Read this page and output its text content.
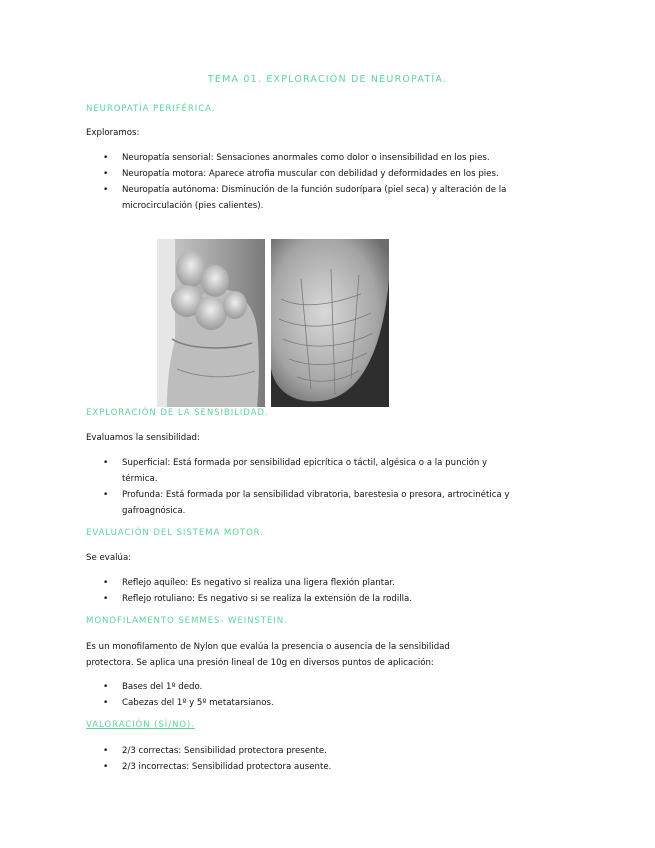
TEMA 01. EXPLORACIÓN DE NEUROPATÍA.
NEUROPATÍA PERIFÉRICA.
Exploramos:
• Neuropatía sensorial: Sensaciones anormales como dolor o insensibilidad en los pies.
• Neuropatía motora: Aparece atrofia muscular con debilidad y deformidades en los pies.
• Neuropatía autónoma: Disminución de la función sudorípara (piel seca) y alteración de la microcirculación (pies calientes).
EXPLORACIÓN DE LA SENSIBILIDAD.
Evaluamos la sensibilidad:
• Superficial: Está formada por sensibilidad epicrítica o táctil, algésica o a la punción y térmica.
• Profunda: Está formada por la sensibilidad vibratoria, barestesia o presora, artrocinética y gafroagnósica.
EVALUACIÓN DEL SISTEMA MOTOR.
Se evalúa:
• Reflejo aquíleo: Es negativo si realiza una ligera flexión plantar.
• Reflejo rotuliano: Es negativo si se realiza la extensión de la rodilla.
MONOFILAMENTO SEMMES- WEINSTEIN.
Es un monofilamento de Nylon que evalúa la presencia o ausencia de la sensibilidad
protectora. Se aplica una presión lineal de 10g en diversos puntos de aplicación:
• Bases del 1º dedo.
• Cabezas del 1º y 5º metatarsianos.
VALORACIÓN (SÍ/NO).
• 2/3 correctas: Sensibilidad protectora presente.
• 2/3 incorrectas: Sensibilidad protectora ausente.
